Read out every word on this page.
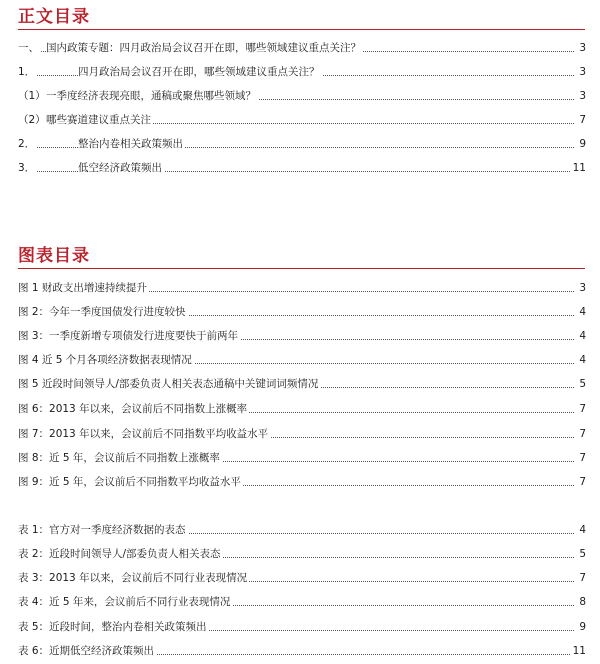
正文目录
一、 国内政策专题：四月政治局会议召开在即，哪些领域建议重点关注？	3
1．	四月政治局会议召开在即，哪些领域建议重点关注？	3
（1） 一季度经济表现亮眼，通稿或聚焦哪些领域？	3
（2） 哪些赛道建议重点关注	7
2．	整治内卷相关政策频出	9
3．	低空经济政策频出	11
图表目录
图 1 财政支出增速持续提升	3
图 2：今年一季度国债发行进度较快	4
图 3：一季度新增专项债发行进度要快于前两年	4
图 4 近 5 个月各项经济数据表现情况	4
图 5 近段时间领导人/部委负责人相关表态通稿中关键词词频情况	5
图 6：2013 年以来，会议前后不同指数上涨概率	7
图 7：2013 年以来，会议前后不同指数平均收益水平	7
图 8：近 5 年，会议前后不同指数上涨概率	7
图 9：近 5 年，会议前后不同指数平均收益水平	7
表 1：官方对一季度经济数据的表态	4
表 2：近段时间领导人/部委负责人相关表态	5
表 3：2013 年以来，会议前后不同行业表现情况	7
表 4：近 5 年来，会议前后不同行业表现情况	8
表 5：近段时间，整治内卷相关政策频出	9
表 6：近期低空经济政策频出	11
